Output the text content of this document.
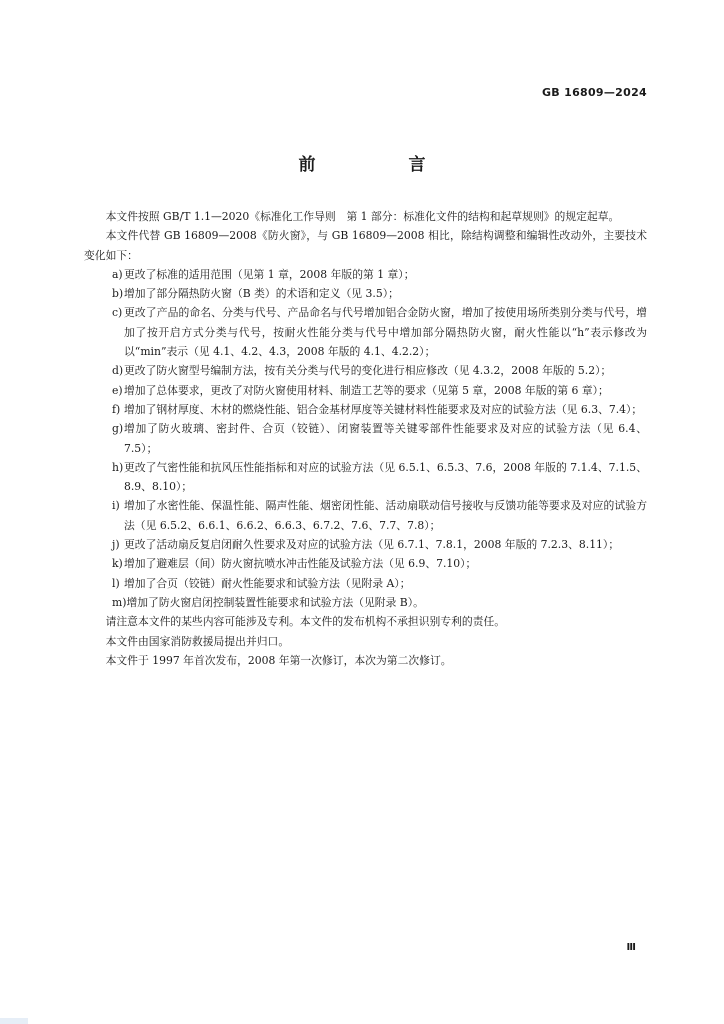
GB 16809—2024
前　言

本文件按照 GB/T 1.1—2020《标准化工作导则　第 1 部分：标准化文件的结构和起草规则》的规定起草。

本文件代替 GB 16809—2008《防火窗》，与 GB 16809—2008 相比，除结构调整和编辑性改动外，主要技术变化如下：

a) 更改了标准的适用范围（见第 1 章，2008 年版的第 1 章）；
b) 增加了部分隔热防火窗（B 类）的术语和定义（见 3.5）；
c) 更改了产品的命名、分类与代号、产品命名与代号增加铝合金防火窗，增加了按使用场所类别分类与代号，增加了按开启方式分类与代号，按耐火性能分类与代号中增加部分隔热防火窗，耐火性能以“h”表示修改为以“min”表示（见 4.1、4.2、4.3，2008 年版的 4.1、4.2.2）；
d) 更改了防火窗型号编制方法，按有关分类与代号的变化进行相应修改（见 4.3.2，2008 年版的 5.2）；
e) 增加了总体要求，更改了对防火窗使用材料、制造工艺等的要求（见第 5 章，2008 年版的第 6 章）；
f) 增加了钢材厚度、木材的燃烧性能、铝合金基材厚度等关键材料性能要求及对应的试验方法（见 6.3、7.4）；
g) 增加了防火玻璃、密封件、合页（铰链）、闭窗装置等关键零部件性能要求及对应的试验方法（见 6.4、7.5）；
h) 更改了气密性能和抗风压性能指标和对应的试验方法（见 6.5.1、6.5.3、7.6，2008 年版的 7.1.4、7.1.5、8.9、8.10）；
i) 增加了水密性能、保温性能、隔声性能、烟密闭性能、活动扇联动信号接收与反馈功能等要求及对应的试验方法（见 6.5.2、6.6.1、6.6.2、6.6.3、6.7.2、7.6、7.7、7.8）；
j) 更改了活动扇反复启闭耐久性要求及对应的试验方法（见 6.7.1、7.8.1，2008 年版的 7.2.3、8.11）；
k) 增加了避难层（间）防火窗抗喷水冲击性能及试验方法（见 6.9、7.10）；
l) 增加了合页（铰链）耐火性能要求和试验方法（见附录 A）；
m) 增加了防火窗启闭控制装置性能要求和试验方法（见附录 B）。

请注意本文件的某些内容可能涉及专利。本文件的发布机构不承担识别专利的责任。

本文件由国家消防救援局提出并归口。

本文件于 1997 年首次发布，2008 年第一次修订，本次为第二次修订。

Ⅲ
